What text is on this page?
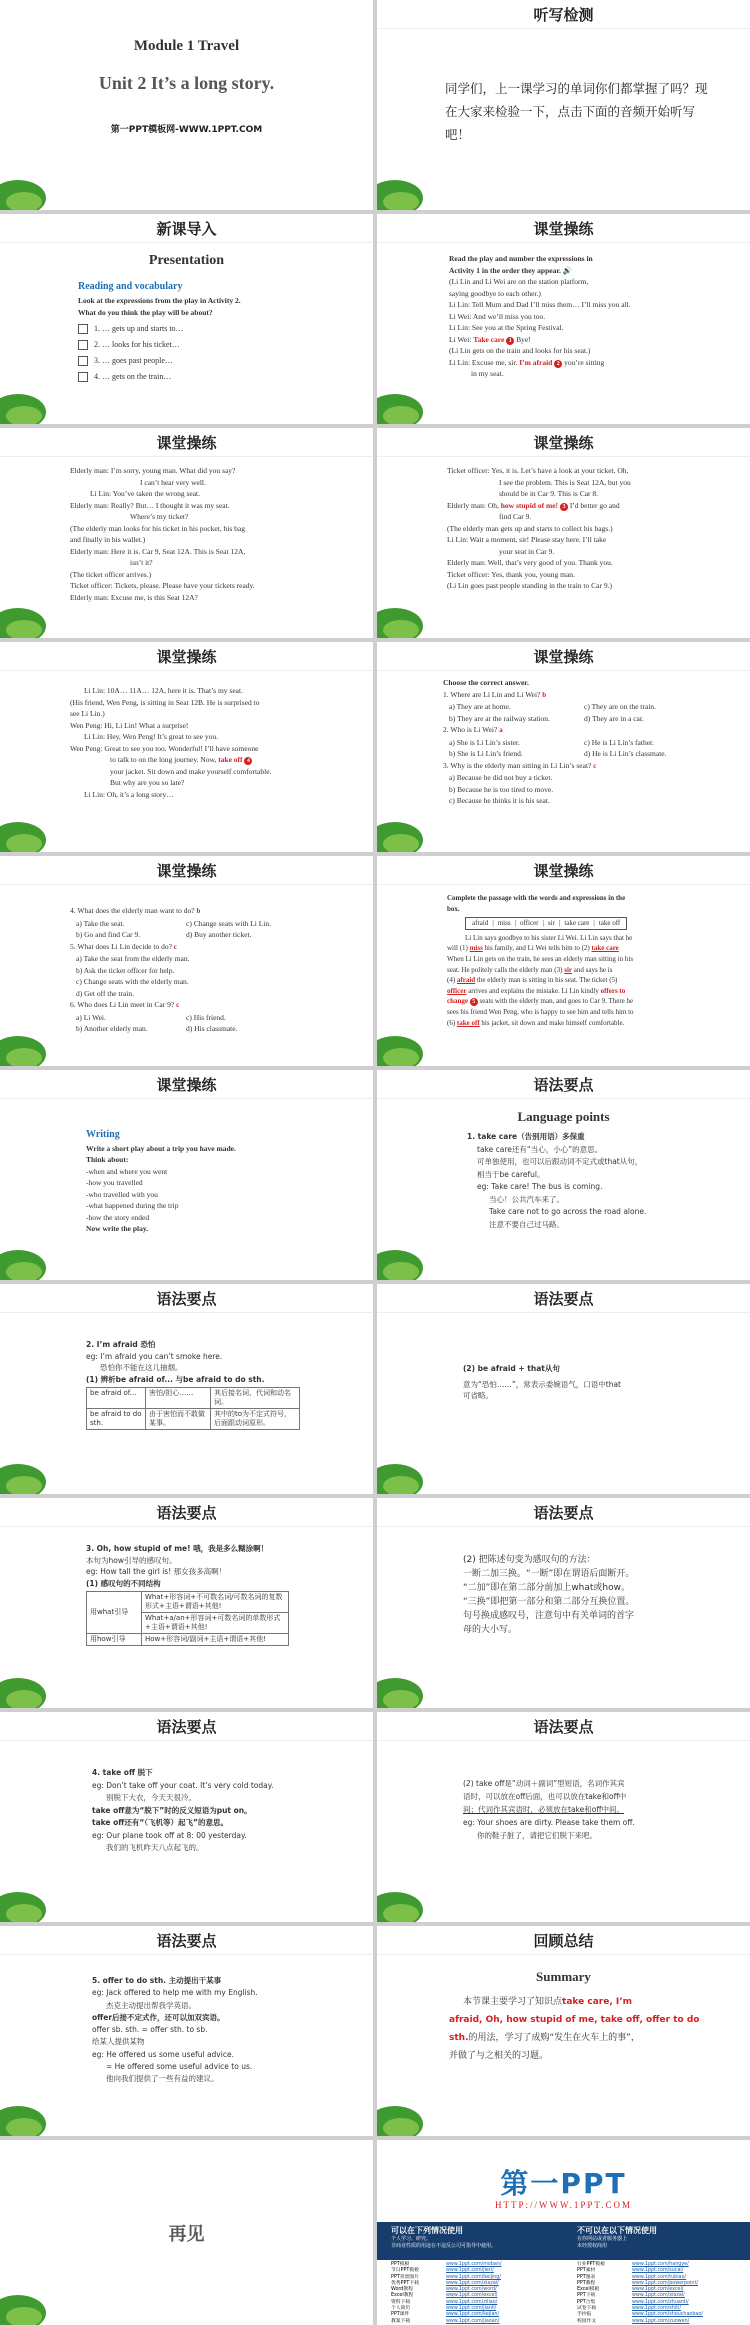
Module 1 Travel
Unit 2 It’s a long story.
第一PPT模板网-WWW.1PPT.COM
听写检测
同学们，上一课学习的单词你们都掌握了吗？现在大家来检验一下，点击下面的音频开始听写吧！
新课导入
Presentation
Reading and vocabulary
Look at the expressions from the play in Activity 2.
What do you think the play will be about?
1. … gets up and starts to…
2. … looks for his ticket…
3. … goes past people…
4. … gets on the train…
课堂操练
Read the play and number the expressions in
Activity 1 in the order they appear. 🔊
(Li Lin and Li Wei are on the station platform,
saying goodbye to each other.)
Li Lin: Tell Mum and Dad I’ll miss them… I’ll miss you all.
Li Wei: And we’ll miss you too.
Li Lin: See you at the Spring Festival.
Li Wei: Take care 1 Bye!
(Li Lin gets on the train and looks for his seat.)
Li Lin: Excuse me, sir. I’m afraid 2 you’re sitting
in my seat.
课堂操练
Elderly man: I’m sorry, young man. What did you say?
I can’t hear very well.
Li Lin: You’ve taken the wrong seat.
Elderly man: Really? But… I thought it was my seat.
Where’s my ticket?
(The elderly man looks for his ticket in his pocket, his bag
and finally in his wallet.)
Elderly man: Here it is. Car 9, Seat 12A. This is Seat 12A,
isn’t it?
(The ticket officer arrives.)
Ticket officer: Tickets, please. Please have your tickets ready.
Elderly man: Excuse me, is this Seat 12A?
课堂操练
Ticket officer: Yes, it is. Let’s have a look at your ticket. Oh,
I see the problem. This is Seat 12A, but you
should be in Car 9. This is Car 8.
Elderly man: Oh, how stupid of me! 3 I’d better go and
find Car 9.
(The elderly man gets up and starts to collect his bags.)
Li Lin: Wait a moment, sir! Please stay here. I’ll take
your seat in Car 9.
Elderly man: Well, that’s very good of you. Thank you.
Ticket officer: Yes, thank you, young man.
(Li Lin goes past people standing in the train to Car 9.)
课堂操练
Li Lin: 10A… 11A… 12A, here it is. That’s my seat.
(His friend, Wen Peng, is sitting in Seat 12B. He is surprised to
see Li Lin.)
Wen Peng: Hi, Li Lin! What a surprise!
Li Lin: Hey, Wen Peng! It’s great to see you.
Wen Peng: Great to see you too. Wonderful! I’ll have someone
to talk to on the long journey. Now, take off 4
your jacket. Sit down and make yourself comfortable.
But why are you so late?
Li Lin: Oh, it’s a long story…
课堂操练
Choose the correct answer.
1. Where are Li Lin and Li Wei? b
a) They are at home.	c) They are on the train.
b) They are at the railway station.	d) They are in a car.
2. Who is Li Wei? a
a) She is Li Lin’s sister.	c) He is Li Lin’s father.
b) She is Li Lin’s friend.	d) He is Li Lin’s classmate.
3. Why is the elderly man sitting in Li Lin’s seat? c
a) Because he did not buy a ticket.
b) Because he is too tired to move.
c) Because he thinks it is his seat.
课堂操练
4. What does the elderly man want to do? b
a) Take the seat.	c) Change seats with Li Lin.
b) Go and find Car 9.	d) Buy another ticket.
5. What does Li Lin decide to do? c
a) Take the seat from the elderly man.
b) Ask the ticket officer for help.
c) Change seats with the elderly man.
d) Get off the train.
6. Who does Li Lin meet in Car 9? c
a) Li Wei.	c) His friend.
b) Another elderly man.	d) His classmate.
课堂操练
Complete the passage with the words and expressions in the
box.
afraid | miss | officer | sir | take care | take off
Li Lin says goodbye to his sister Li Wei. Li Lin says that he
will (1) miss his family, and Li Wei tells him to (2) take care
When Li Lin gets on the train, he sees an elderly man sitting in his
seat. He politely calls the elderly man (3) sir and says he is
(4) afraid the elderly man is sitting in his seat. The ticket (5)
officer arrives and explains the mistake. Li Lin kindly offers to
change 5 seats with the elderly man, and goes to Car 9. There he
sees his friend Wen Peng, who is happy to see him and tells him to
(6) take off his jacket, sit down and make himself comfortable.
课堂操练
Writing
Write a short play about a trip you have made.
Think about:
-when and where you went
-how you travelled
-who travelled with you
-what happened during the trip
-how the story ended
Now write the play.
语法要点
Language points
1. take care（告别用语）多保重
take care还有“当心，小心”的意思。
可单独使用，也可以后跟动词不定式或that从句，
相当于be careful。
eg: Take care! The bus is coming.
当心！公共汽车来了。
Take care not to go across the road alone.
注意不要自己过马路。
语法要点
2. I’m afraid 恐怕
eg: I’m afraid you can’t smoke here.
恐怕你不能在这儿抽烟。
(1) 辨析be afraid of... 与be afraid to do sth.
be afraid of...	害怕/担心……	其后接名词、代词和动名词。
be afraid to do sth.	由于害怕而不敢做某事。	其中的to为不定式符号，后面跟动词原形。
语法要点
(2) be afraid + that从句
意为“恐怕……”，常表示委婉语气，口语中that
可省略。
语法要点
3. Oh, how stupid of me! 哦，我是多么糊涂啊！
本句为how引导的感叹句。
eg: How tall the girl is! 那女孩多高啊！
(1) 感叹句的不同结构
用what引导	What+形容词+不可数名词/可数名词的复数形式+主语+谓语+其他!
	What+a/an+形容词+可数名词的单数形式+主语+谓语+其他!
用how引导	How+形容词/副词+主语+谓语+其他!
语法要点
(2) 把陈述句变为感叹句的方法：
一断二加三换。“一断”即在谓语后面断开。
“二加”即在第二部分前加上what或how。
“三换”即把第一部分和第二部分互换位置。
句号换成感叹号，注意句中有关单词的首字
母的大小写。
语法要点
4. take off 脱下
eg: Don’t take off your coat. It’s very cold today.
别脱下大衣，今天天很冷。
take off意为“脱下”时的反义短语为put on。
take off还有“（飞机等）起飞”的意思。
eg: Our plane took off at 8: 00 yesterday.
我们的飞机昨天八点起飞的。
语法要点
(2) take off是“动词＋副词”型短语，名词作其宾
语时，可以放在off后面，也可以放在take和off中
间；代词作其宾语时，必须放在take和off中间。
eg: Your shoes are dirty. Please take them off.
你的鞋子脏了，请把它们脱下来吧。
语法要点
5. offer to do sth. 主动提出干某事
eg: Jack offered to help me with my English.
杰克主动提出帮我学英语。
offer后接不定式作，还可以加双宾语。
offer sb. sth. = offer sth. to sb.
给某人提供某物
eg: He offered us some useful advice.
= He offered some useful advice to us.
他向我们提供了一些有益的建议。
回顾总结
Summary
本节课主要学习了知识点take care, I’m
afraid, Oh, how stupid of me, take off, offer to do
sth.的用法，学习了成购“发生在火车上的事”，
并做了与之相关的习题。
再见
第一PPT
HTTP://WWW.1PPT.COM
可以在下列情况使用
个人学习、研究。
非商业性质的用途在不违反公司可指导中使用。
不可以在以下情况使用
在你网站或者服务器上
未经授权商用
PPT模板	www.1ppt.com/moban/
节日PPT模板	www.1ppt.com/jieri/
PPT背景图片	www.1ppt.com/beijing/
优秀PPT下载	www.1ppt.com/xiazai/
Word教程	www.1ppt.com/word/
Excel教程	www.1ppt.com/excel/
资料下载	www.1ppt.com/ziliao/
个人简历	www.1ppt.com/jianli/
PPT课件	www.1ppt.com/kejian/
教案下载	www.1ppt.com/jiaoan/
行业PPT模板	www.1ppt.com/hangye/
PPT素材	www.1ppt.com/sucai/
PPT图表	www.1ppt.com/tubiao/
PPT教程	www.1ppt.com/powerpoint/
Excel模板	www.1ppt.com/excel/
PPT下载	www.1ppt.com/xiazai/
PPT合集	www.1ppt.com/zhuanti/
试卷下载	www.1ppt.com/shiti/
手抄报	www.1ppt.com/shouchaobao/
校园作文	www.1ppt.com/zuowen/
